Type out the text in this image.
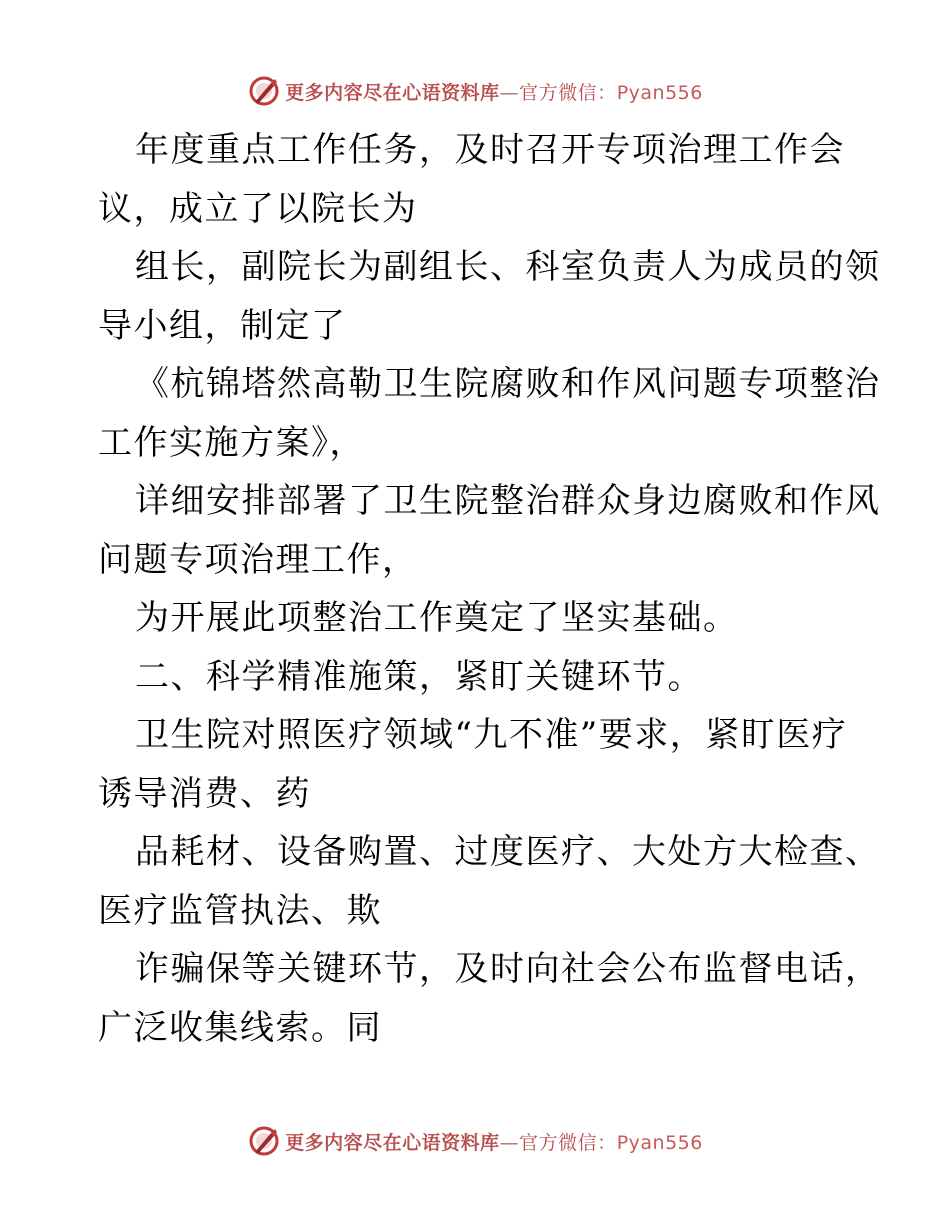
更多内容尽在心语资料库—官方微信：Pyan556
年度重点工作任务，及时召开专项治理工作会
议，成立了以院长为
组长，副院长为副组长、科室负责人为成员的领
导小组，制定了
《杭锦塔然高勒卫生院腐败和作风问题专项整治
工作实施方案》，
详细安排部署了卫生院整治群众身边腐败和作风
问题专项治理工作，
为开展此项整治工作奠定了坚实基础。
二、科学精准施策，紧盯关键环节。
卫生院对照医疗领域“九不准”要求，紧盯医疗
诱导消费、药
品耗材、设备购置、过度医疗、大处方大检查、
医疗监管执法、欺
诈骗保等关键环节，及时向社会公布监督电话，
广泛收集线索。同
更多内容尽在心语资料库—官方微信：Pyan556
